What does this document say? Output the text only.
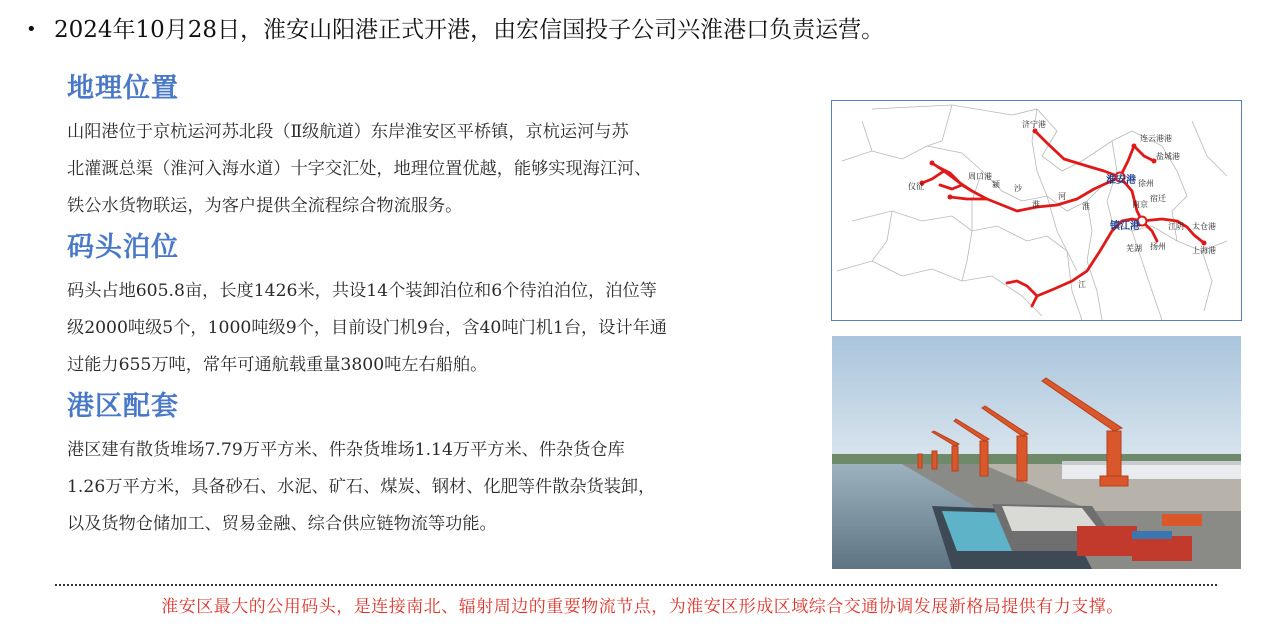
• 2024年10月28日，淮安山阳港正式开港，由宏信国投子公司兴淮港口负责运营。
地理位置
山阳港位于京杭运河苏北段（Ⅱ级航道）东岸淮安区平桥镇，京杭运河与苏
北灌溉总渠（淮河入海水道）十字交汇处，地理位置优越，能够实现海江河、
铁公水货物联运，为客户提供全流程综合物流服务。
码头泊位
码头占地605.8亩，长度1426米，共设14个装卸泊位和6个待泊泊位，泊位等
级2000吨级5个，1000吨级9个，目前设门机9台，含40吨门机1台，设计年通
过能力655万吨，常年可通航载重量3800吨左右船舶。
港区配套
港区建有散货堆场7.79万平方米、件杂货堆场1.14万平方米、件杂货仓库
1.26万平方米，具备砂石、水泥、矿石、煤炭、钢材、化肥等件散杂货装卸，
以及货物仓储加工、贸易金融、综合供应链物流等功能。
淮安港
镇江港
济宁港
连云港港
盐城港
周口港
徐州
宿迁
扬州
芜湖
江
上海港
南京
河
沙
颍
仪征
淮
江阴 太仓港
淮
淮安区最大的公用码头，是连接南北、辐射周边的重要物流节点，为淮安区形成区域综合交通协调发展新格局提供有力支撑。
